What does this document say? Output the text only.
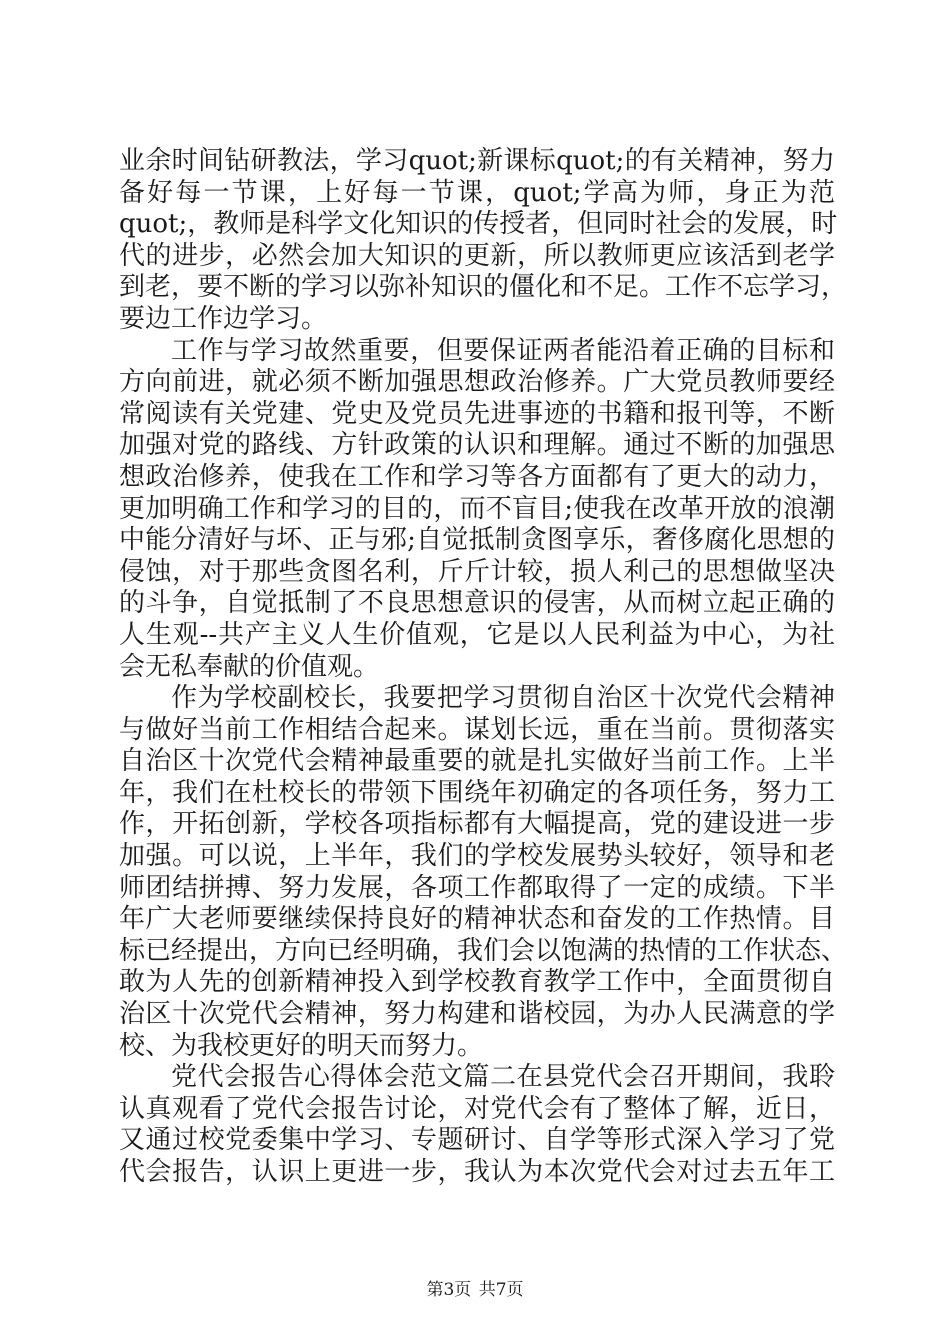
业余时间钻研教法，学习quot;新课标quot;的有关精神，努力
备好每一节课，上好每一节课，quot;学高为师，身正为范
quot;，教师是科学文化知识的传授者，但同时社会的发展，时
代的进步，必然会加大知识的更新，所以教师更应该活到老学
到老，要不断的学习以弥补知识的僵化和不足。工作不忘学习，
要边工作边学习。
工作与学习故然重要，但要保证两者能沿着正确的目标和
方向前进，就必须不断加强思想政治修养。广大党员教师要经
常阅读有关党建、党史及党员先进事迹的书籍和报刊等，不断
加强对党的路线、方针政策的认识和理解。通过不断的加强思
想政治修养，使我在工作和学习等各方面都有了更大的动力，
更加明确工作和学习的目的，而不盲目;使我在改革开放的浪潮
中能分清好与坏、正与邪;自觉抵制贪图享乐，奢侈腐化思想的
侵蚀，对于那些贪图名利，斤斤计较，损人利己的思想做坚决
的斗争，自觉抵制了不良思想意识的侵害，从而树立起正确的
人生观--共产主义人生价值观，它是以人民利益为中心，为社
会无私奉献的价值观。
作为学校副校长，我要把学习贯彻自治区十次党代会精神
与做好当前工作相结合起来。谋划长远，重在当前。贯彻落实
自治区十次党代会精神最重要的就是扎实做好当前工作。上半
年，我们在杜校长的带领下围绕年初确定的各项任务，努力工
作，开拓创新，学校各项指标都有大幅提高，党的建设进一步
加强。可以说，上半年，我们的学校发展势头较好，领导和老
师团结拼搏、努力发展，各项工作都取得了一定的成绩。下半
年广大老师要继续保持良好的精神状态和奋发的工作热情。目
标已经提出，方向已经明确，我们会以饱满的热情的工作状态、
敢为人先的创新精神投入到学校教育教学工作中，全面贯彻自
治区十次党代会精神，努力构建和谐校园，为办人民满意的学
校、为我校更好的明天而努力。
党代会报告心得体会范文篇二在县党代会召开期间，我聆
认真观看了党代会报告讨论，对党代会有了整体了解，近日，
又通过校党委集中学习、专题研讨、自学等形式深入学习了党
代会报告，认识上更进一步，我认为本次党代会对过去五年工
第3页 共7页
